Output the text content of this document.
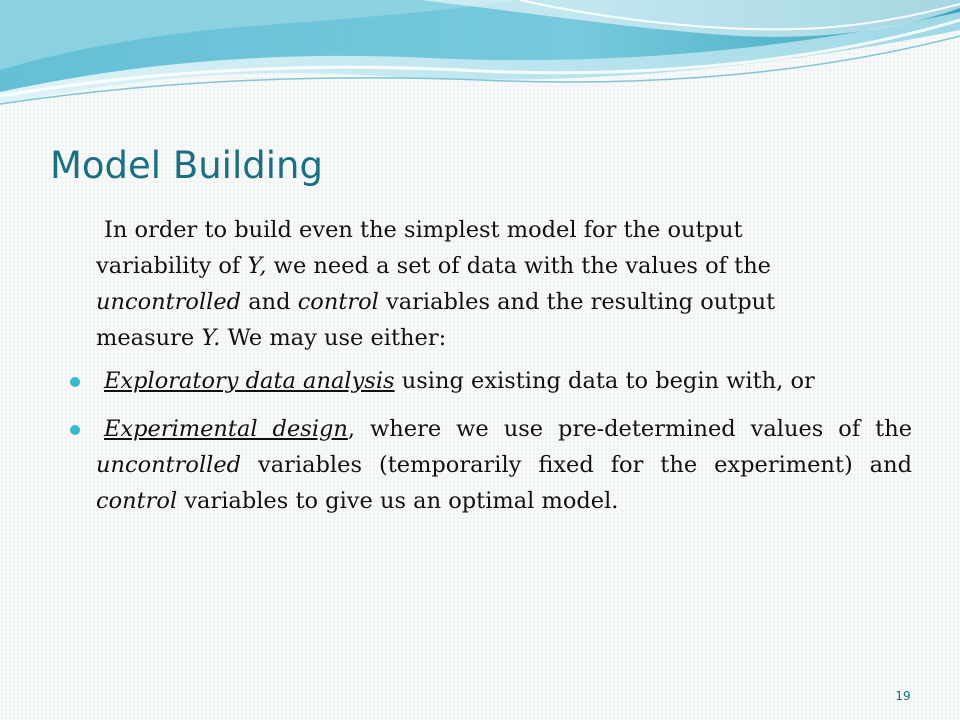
Model Building

In order to build even the simplest model for the output variability of Y, we need a set of data with the values of the uncontrolled and control variables and the resulting output measure Y. We may use either:

Exploratory data analysis using existing data to begin with, or
Experimental design, where we use pre-determined values of the uncontrolled variables (temporarily fixed for the experiment) and control variables to give us an optimal model.
19
